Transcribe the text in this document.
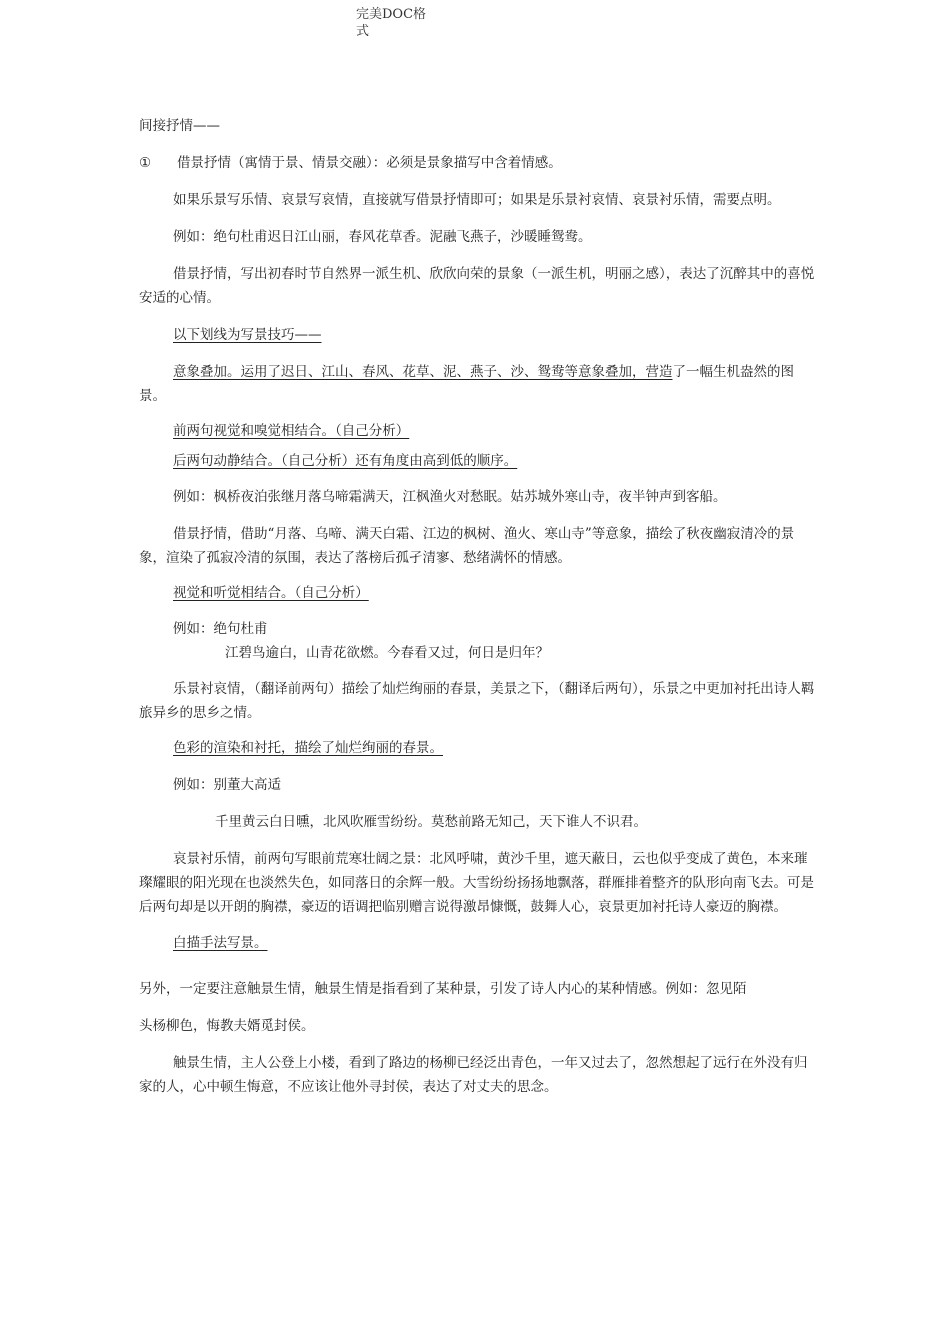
完美DOC格式

间接抒情——

①	借景抒情（寓情于景、情景交融）：必须是景象描写中含着情感。

如果乐景写乐情、哀景写哀情，直接就写借景抒情即可；如果是乐景衬哀情、哀景衬乐情，需要点明。

例如：绝句杜甫迟日江山丽，春风花草香。泥融飞燕子，沙暖睡鸳鸯。

借景抒情，写出初春时节自然界一派生机、欣欣向荣的景象（一派生机，明丽之感），表达了沉醉其中的喜悦安适的心情。

以下划线为写景技巧——

意象叠加。运用了迟日、江山、春风、花草、泥、燕子、沙、鸳鸯等意象叠加，营造了一幅生机盎然的图景。

前两句视觉和嗅觉相结合。（自己分析）

后两句动静结合。（自己分析）还有角度由高到低的顺序。

例如：枫桥夜泊张继月落乌啼霜满天，江枫渔火对愁眠。姑苏城外寒山寺，夜半钟声到客船。

借景抒情，借助“月落、乌啼、满天白霜、江边的枫树、渔火、寒山寺”等意象，描绘了秋夜幽寂清冷的景象，渲染了孤寂冷清的氛围，表达了落榜后孤孑清寥、愁绪满怀的情感。

视觉和听觉相结合。（自己分析）

例如：绝句杜甫

江碧鸟逾白，山青花欲燃。今春看又过，何日是归年？

乐景衬哀情，（翻译前两句）描绘了灿烂绚丽的春景，美景之下，（翻译后两句），乐景之中更加衬托出诗人羁旅异乡的思乡之情。

色彩的渲染和衬托，描绘了灿烂绚丽的春景。

例如：别董大高适

千里黄云白日曛，北风吹雁雪纷纷。莫愁前路无知己，天下谁人不识君。

哀景衬乐情，前两句写眼前荒寒壮阔之景：北风呼啸，黄沙千里，遮天蔽日，云也似乎变成了黄色，本来璀璨耀眼的阳光现在也淡然失色，如同落日的余辉一般。大雪纷纷扬扬地飘落，群雁排着整齐的队形向南飞去。可是后两句却是以开朗的胸襟，豪迈的语调把临别赠言说得激昂慷慨，鼓舞人心，哀景更加衬托诗人豪迈的胸襟。

白描手法写景。

另外，一定要注意触景生情，触景生情是指看到了某种景，引发了诗人内心的某种情感。例如：忽见陌

头杨柳色，悔教夫婿觅封侯。

触景生情，主人公登上小楼，看到了路边的杨柳已经泛出青色，一年又过去了，忽然想起了远行在外没有归家的人，心中顿生悔意，不应该让他外寻封侯，表达了对丈夫的思念。
